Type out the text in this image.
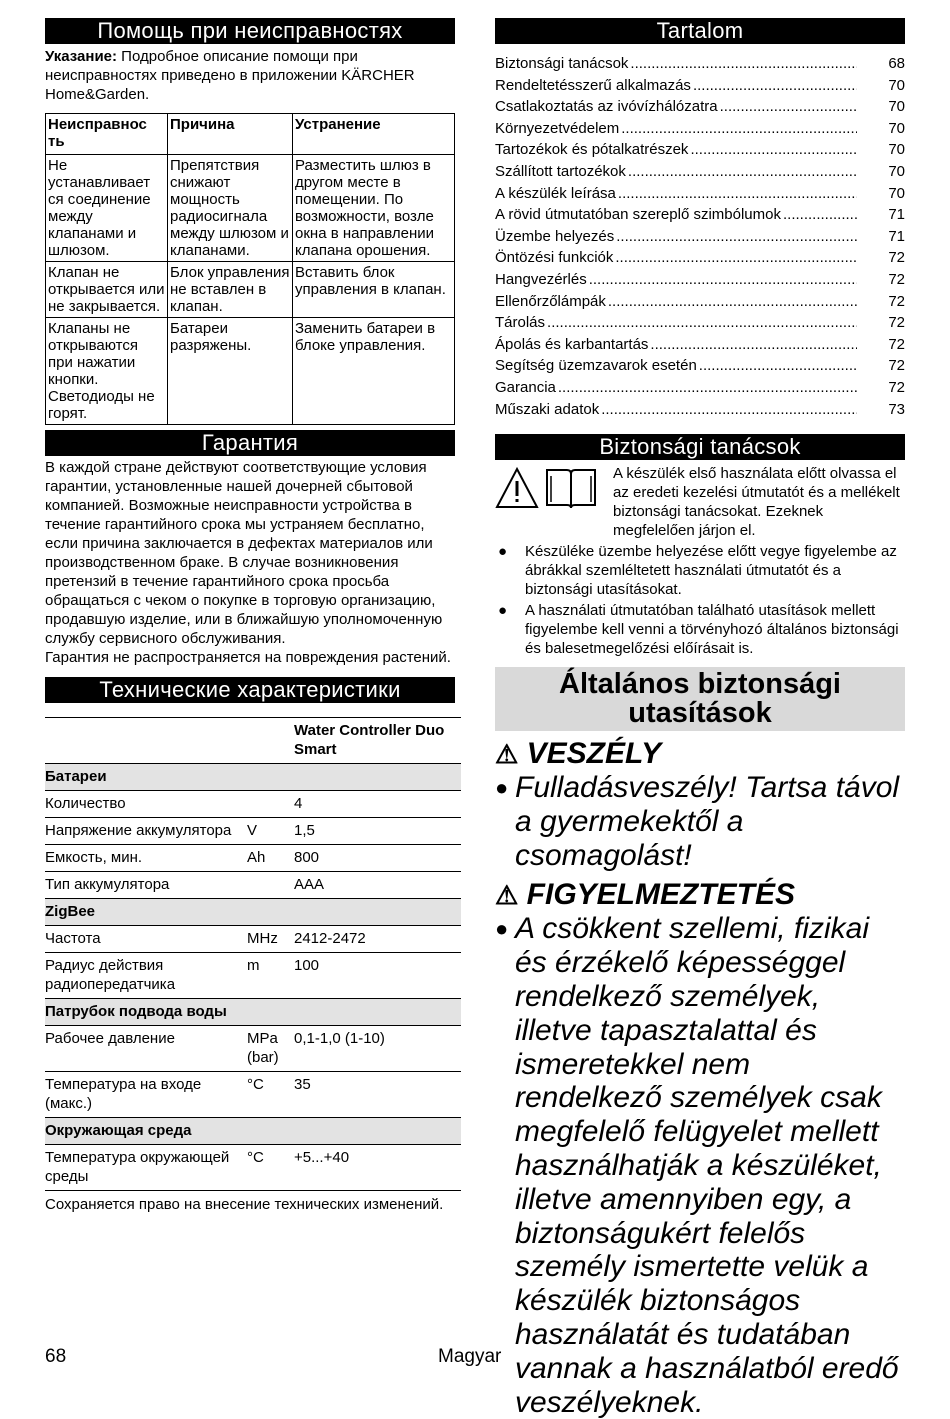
Помощь при неисправностях

Указание: Подробное описание помощи при неисправностях приведено в приложении KÄRCHER Home&Garden.

Неисправнос ть	Причина	Устранение
Не устанавливает ся соединение между клапанами и шлюзом.	Препятствия снижают мощность радиосигнала между шлюзом и клапанами.	Разместить шлюз в другом месте в помещении. По возможности, возле окна в направлении клапана орошения.
Клапан не открывается или не закрывается.	Блок управления не вставлен в клапан.	Вставить блок управления в клапан.
Клапаны не открываются при нажатии кнопки. Светодиоды не горят.	Батареи разряжены.	Заменить батареи в блоке управления.
Гарантия

В каждой стране действуют соответствующие условия гарантии, установленные нашей дочерней сбытовой компанией. Возможные неисправности устройства в течение гарантийного срока мы устраняем бесплатно, если причина заключается в дефектах материалов или производственном браке. В случае возникновения претензий в течение гарантийного срока просьба обращаться с чеком о покупке в торговую организацию, продавшую изделие, или в ближайшую уполномоченную службу сервисного обслуживания.

Гарантия не распространяется на повреждения растений.

Технические характеристики
		Water Controller Duo Smart
Батареи		
Количество		4
Напряжение аккумулятора	V	1,5
Емкость, мин.	Ah	800
Тип аккумулятора		AAA
ZigBee		
Частота	MHz	2412-2472
Радиус действия радиопередатчика	m	100
Патрубок подвода воды		
Рабочее давление	MPa (bar)	0,1-1,0 (1-10)
Температура на входе (макс.)	°C	35
Окружающая среда		
Температура окружающей среды	°C	+5...+40

Сохраняется право на внесение технических изменений.

Tartalom
Biztonsági tanácsok .....	68
Rendeltetésszerű alkalmazás .....	70
Csatlakoztatás az ivóvízhálózatra .....	70
Környezetvédelem .....	70
Tartozékok és pótalkatrészek .....	70
Szállított tartozékok .....	70
A készülék leírása .....	70
A rövid útmutatóban szereplő szimbólumok .....	71
Üzembe helyezés .....	71
Öntözési funkciók .....	72
Hangvezérlés .....	72
Ellenőrzőlámpák .....	72
Tárolás .....	72
Ápolás és karbantartás .....	72
Segítség üzemzavarok esetén .....	72
Garancia .....	72
Műszaki adatok .....	73
Biztonsági tanácsok
A készülék első használata előtt olvassa el az eredeti kezelési útmutatót és a mellékelt biztonsági tanácsokat. Ezeknek megfelelően járjon el.
●	Készüléke üzembe helyezése előtt vegye figyelembe az ábrákkal szemléltetett használati útmutatót és a biztonsági utasításokat.
●	A használati útmutatóban található utasítások mellett figyelembe kell venni a törvényhozó általános biztonsági és balesetmegelőzési előírásait is.
Általános biztonsági utasítások
⚠ VESZÉLY
● Fulladásveszély! Tartsa távol a gyermekektől a csomagolást!
⚠ FIGYELMEZTETÉS
● A csökkent szellemi, fizikai és érzékelő képességgel rendelkező személyek, illetve tapasztalattal és ismeretekkel nem rendelkező személyek csak megfelelő felügyelet mellett használhatják a készüléket, illetve amennyiben egy, a biztonságukért felelős személy ismertette velük a készülék biztonságos használatát és tudatában vannak a használatból eredő veszélyeknek.
68	Magyar
